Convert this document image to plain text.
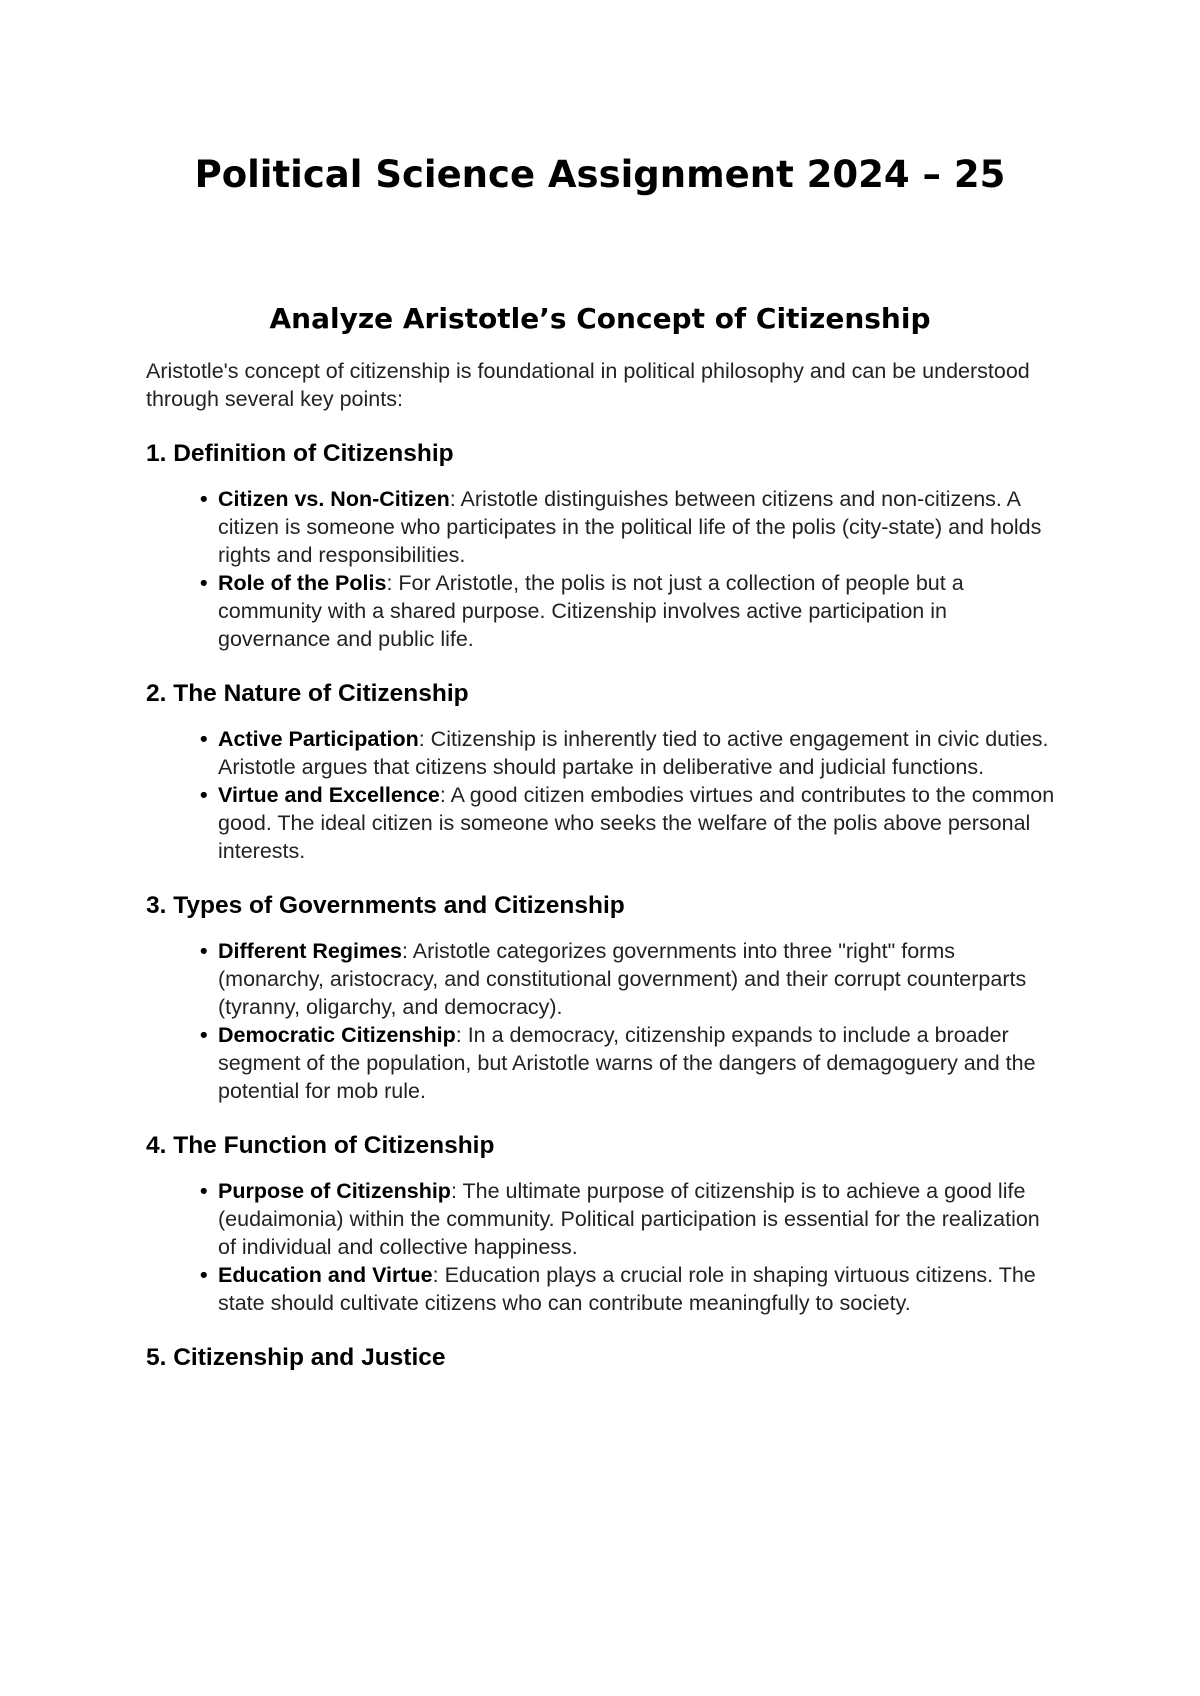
Political Science Assignment 2024 – 25
Analyze Aristotle’s Concept of Citizenship

Aristotle's concept of citizenship is foundational in political philosophy and can be understood through several key points:

1. Definition of Citizenship
• Citizen vs. Non-Citizen: Aristotle distinguishes between citizens and non-citizens. A citizen is someone who participates in the political life of the polis (city-state) and holds rights and responsibilities.
• Role of the Polis: For Aristotle, the polis is not just a collection of people but a community with a shared purpose. Citizenship involves active participation in governance and public life.
2. The Nature of Citizenship
• Active Participation: Citizenship is inherently tied to active engagement in civic duties. Aristotle argues that citizens should partake in deliberative and judicial functions.
• Virtue and Excellence: A good citizen embodies virtues and contributes to the common good. The ideal citizen is someone who seeks the welfare of the polis above personal interests.
3. Types of Governments and Citizenship
• Different Regimes: Aristotle categorizes governments into three "right" forms (monarchy, aristocracy, and constitutional government) and their corrupt counterparts (tyranny, oligarchy, and democracy).
• Democratic Citizenship: In a democracy, citizenship expands to include a broader segment of the population, but Aristotle warns of the dangers of demagoguery and the potential for mob rule.
4. The Function of Citizenship
• Purpose of Citizenship: The ultimate purpose of citizenship is to achieve a good life (eudaimonia) within the community. Political participation is essential for the realization of individual and collective happiness.
• Education and Virtue: Education plays a crucial role in shaping virtuous citizens. The state should cultivate citizens who can contribute meaningfully to society.
5. Citizenship and Justice
